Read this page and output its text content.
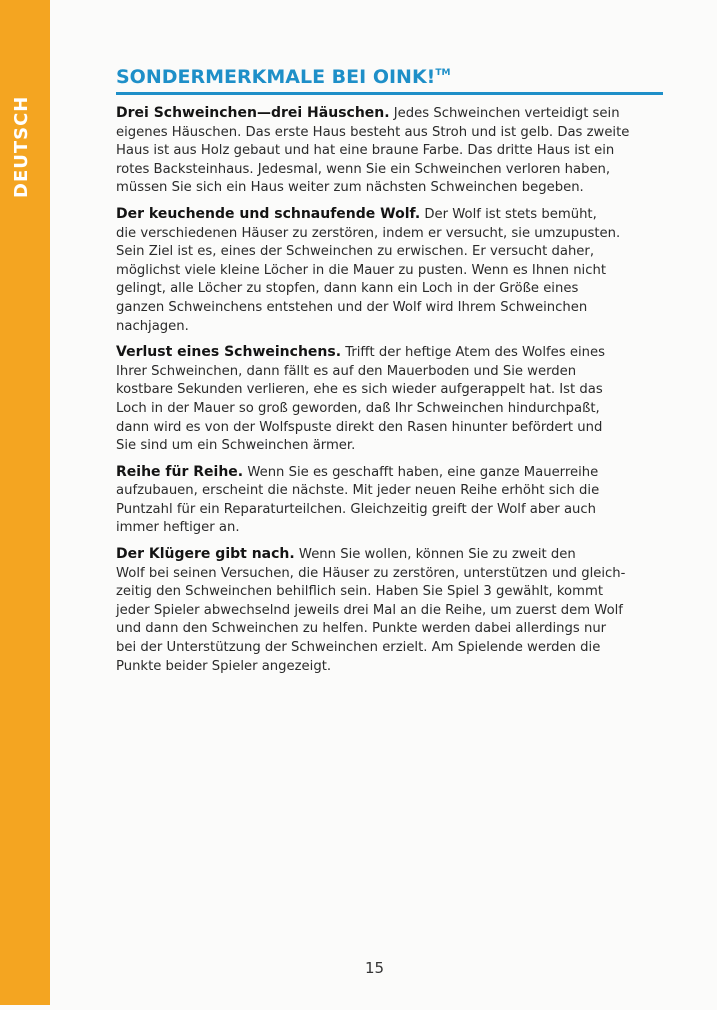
DEUTSCH
SONDERMERKMALE BEI OINK!™
Drei Schweinchen—drei Häuschen. Jedes Schweinchen verteidigt sein
eigenes Häuschen. Das erste Haus besteht aus Stroh und ist gelb. Das zweite
Haus ist aus Holz gebaut und hat eine braune Farbe. Das dritte Haus ist ein
rotes Backsteinhaus. Jedesmal, wenn Sie ein Schweinchen verloren haben,
müssen Sie sich ein Haus weiter zum nächsten Schweinchen begeben.
Der keuchende und schnaufende Wolf. Der Wolf ist stets bemüht,
die verschiedenen Häuser zu zerstören, indem er versucht, sie umzupusten.
Sein Ziel ist es, eines der Schweinchen zu erwischen. Er versucht daher,
möglichst viele kleine Löcher in die Mauer zu pusten. Wenn es Ihnen nicht
gelingt, alle Löcher zu stopfen, dann kann ein Loch in der Größe eines
ganzen Schweinchens entstehen und der Wolf wird Ihrem Schweinchen
nachjagen.
Verlust eines Schweinchens. Trifft der heftige Atem des Wolfes eines
Ihrer Schweinchen, dann fällt es auf den Mauerboden und Sie werden
kostbare Sekunden verlieren, ehe es sich wieder aufgerappelt hat. Ist das
Loch in der Mauer so groß geworden, daß Ihr Schweinchen hindurchpaßt,
dann wird es von der Wolfspuste direkt den Rasen hinunter befördert und
Sie sind um ein Schweinchen ärmer.
Reihe für Reihe. Wenn Sie es geschafft haben, eine ganze Mauerreihe
aufzubauen, erscheint die nächste. Mit jeder neuen Reihe erhöht sich die
Puntzahl für ein Reparaturteilchen. Gleichzeitig greift der Wolf aber auch
immer heftiger an.
Der Klügere gibt nach. Wenn Sie wollen, können Sie zu zweit den
Wolf bei seinen Versuchen, die Häuser zu zerstören, unterstützen und gleich-
zeitig den Schweinchen behilflich sein. Haben Sie Spiel 3 gewählt, kommt
jeder Spieler abwechselnd jeweils drei Mal an die Reihe, um zuerst dem Wolf
und dann den Schweinchen zu helfen. Punkte werden dabei allerdings nur
bei der Unterstützung der Schweinchen erzielt. Am Spielende werden die
Punkte beider Spieler angezeigt.
15
